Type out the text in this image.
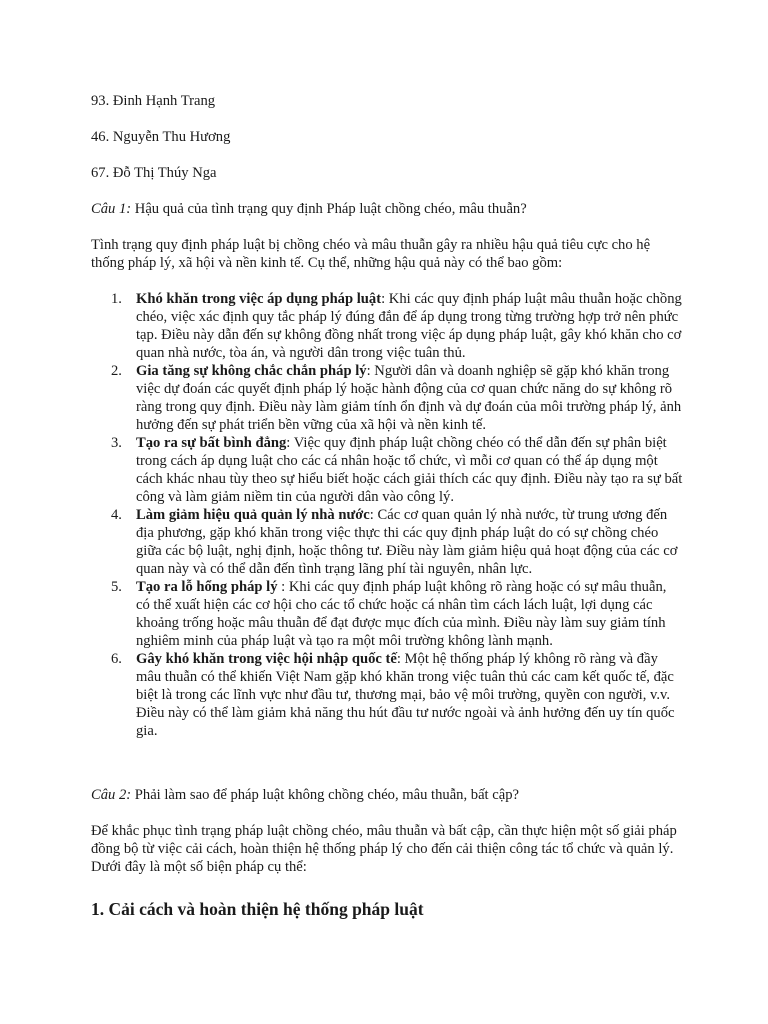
93. Đinh Hạnh Trang

46. Nguyễn Thu Hương

67. Đỗ Thị Thúy Nga

Câu 1: Hậu quả của tình trạng quy định Pháp luật chồng chéo, mâu thuẫn?

Tình trạng quy định pháp luật bị chồng chéo và mâu thuẫn gây ra nhiều hậu quả tiêu cực cho hệ thống pháp lý, xã hội và nền kinh tế. Cụ thể, những hậu quả này có thể bao gồm:

1. Khó khăn trong việc áp dụng pháp luật: Khi các quy định pháp luật mâu thuẫn hoặc chồng chéo, việc xác định quy tắc pháp lý đúng đắn để áp dụng trong từng trường hợp trở nên phức tạp. Điều này dẫn đến sự không đồng nhất trong việc áp dụng pháp luật, gây khó khăn cho cơ quan nhà nước, tòa án, và người dân trong việc tuân thủ.
2. Gia tăng sự không chắc chắn pháp lý: Người dân và doanh nghiệp sẽ gặp khó khăn trong việc dự đoán các quyết định pháp lý hoặc hành động của cơ quan chức năng do sự không rõ ràng trong quy định. Điều này làm giảm tính ổn định và dự đoán của môi trường pháp lý, ảnh hưởng đến sự phát triển bền vững của xã hội và nền kinh tế.
3. Tạo ra sự bất bình đẳng: Việc quy định pháp luật chồng chéo có thể dẫn đến sự phân biệt trong cách áp dụng luật cho các cá nhân hoặc tổ chức, vì mỗi cơ quan có thể áp dụng một cách khác nhau tùy theo sự hiểu biết hoặc cách giải thích các quy định. Điều này tạo ra sự bất công và làm giảm niềm tin của người dân vào công lý.
4. Làm giảm hiệu quả quản lý nhà nước: Các cơ quan quản lý nhà nước, từ trung ương đến địa phương, gặp khó khăn trong việc thực thi các quy định pháp luật do có sự chồng chéo giữa các bộ luật, nghị định, hoặc thông tư. Điều này làm giảm hiệu quả hoạt động của các cơ quan này và có thể dẫn đến tình trạng lãng phí tài nguyên, nhân lực.
5. Tạo ra lỗ hổng pháp lý : Khi các quy định pháp luật không rõ ràng hoặc có sự mâu thuẫn, có thể xuất hiện các cơ hội cho các tổ chức hoặc cá nhân tìm cách lách luật, lợi dụng các khoảng trống hoặc mâu thuẫn để đạt được mục đích của mình. Điều này làm suy giảm tính nghiêm minh của pháp luật và tạo ra một môi trường không lành mạnh.
6. Gây khó khăn trong việc hội nhập quốc tế: Một hệ thống pháp lý không rõ ràng và đầy mâu thuẫn có thể khiến Việt Nam gặp khó khăn trong việc tuân thủ các cam kết quốc tế, đặc biệt là trong các lĩnh vực như đầu tư, thương mại, bảo vệ môi trường, quyền con người, v.v. Điều này có thể làm giảm khả năng thu hút đầu tư nước ngoài và ảnh hưởng đến uy tín quốc gia.

Câu 2: Phải làm sao để pháp luật không chồng chéo, mâu thuẫn, bất cập?

Để khắc phục tình trạng pháp luật chồng chéo, mâu thuẫn và bất cập, cần thực hiện một số giải pháp đồng bộ từ việc cải cách, hoàn thiện hệ thống pháp lý cho đến cải thiện công tác tổ chức và quản lý. Dưới đây là một số biện pháp cụ thể:

1. Cải cách và hoàn thiện hệ thống pháp luật
